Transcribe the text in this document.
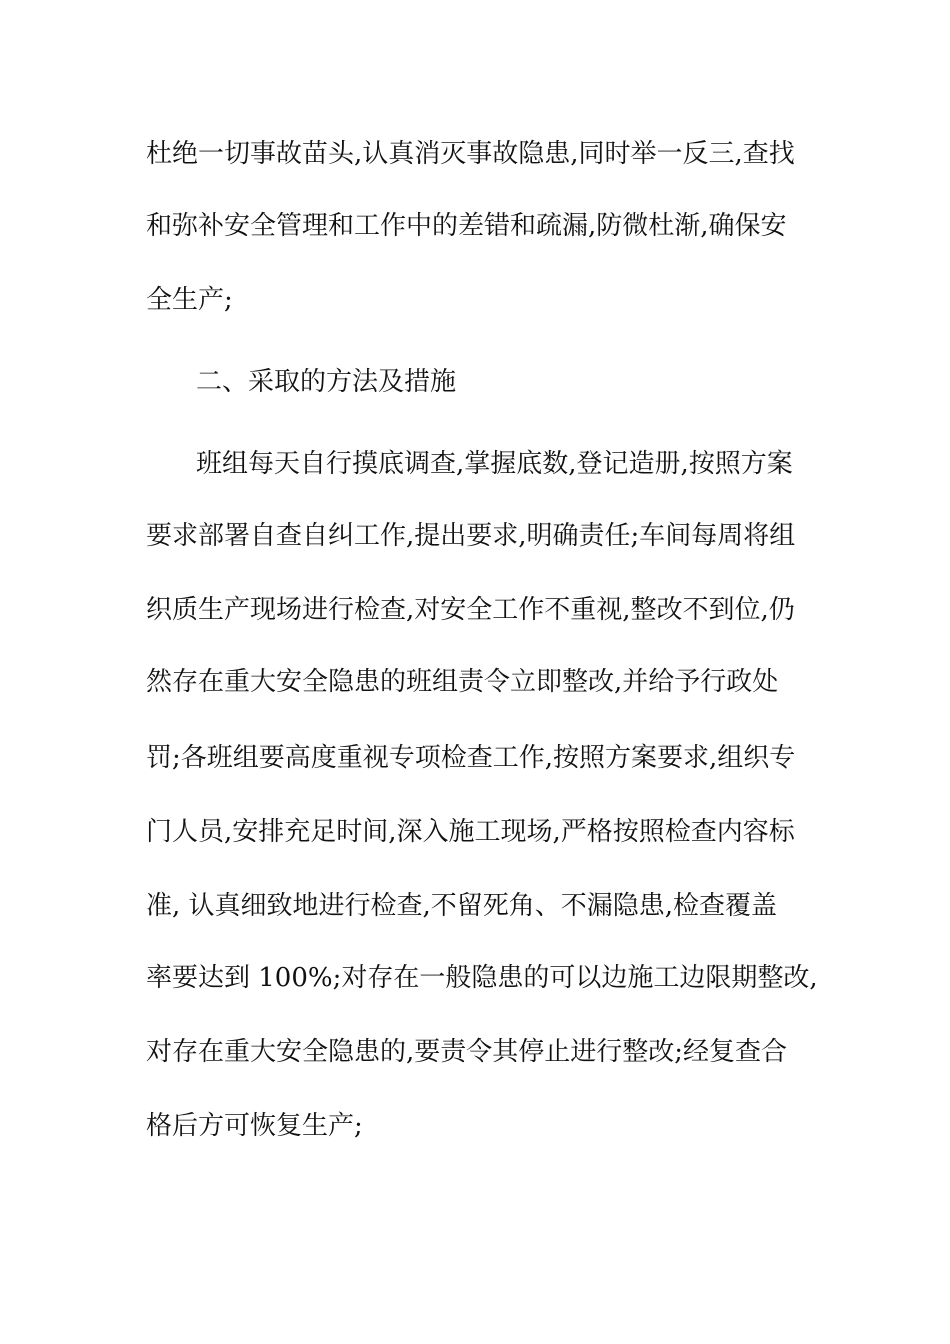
杜绝一切事故苗头,认真消灭事故隐患,同时举一反三,查找
和弥补安全管理和工作中的差错和疏漏,防微杜渐,确保安
全生产;
二、采取的方法及措施
班组每天自行摸底调查,掌握底数,登记造册,按照方案
要求部署自查自纠工作,提出要求,明确责任;车间每周将组
织质生产现场进行检查,对安全工作不重视,整改不到位,仍
然存在重大安全隐患的班组责令立即整改,并给予行政处
罚;各班组要高度重视专项检查工作,按照方案要求,组织专
门人员,安排充足时间,深入施工现场,严格按照检查内容标
准, 认真细致地进行检查,不留死角、不漏隐患,检查覆盖
率要达到 100%;对存在一般隐患的可以边施工边限期整改,
对存在重大安全隐患的,要责令其停止进行整改;经复查合
格后方可恢复生产;
